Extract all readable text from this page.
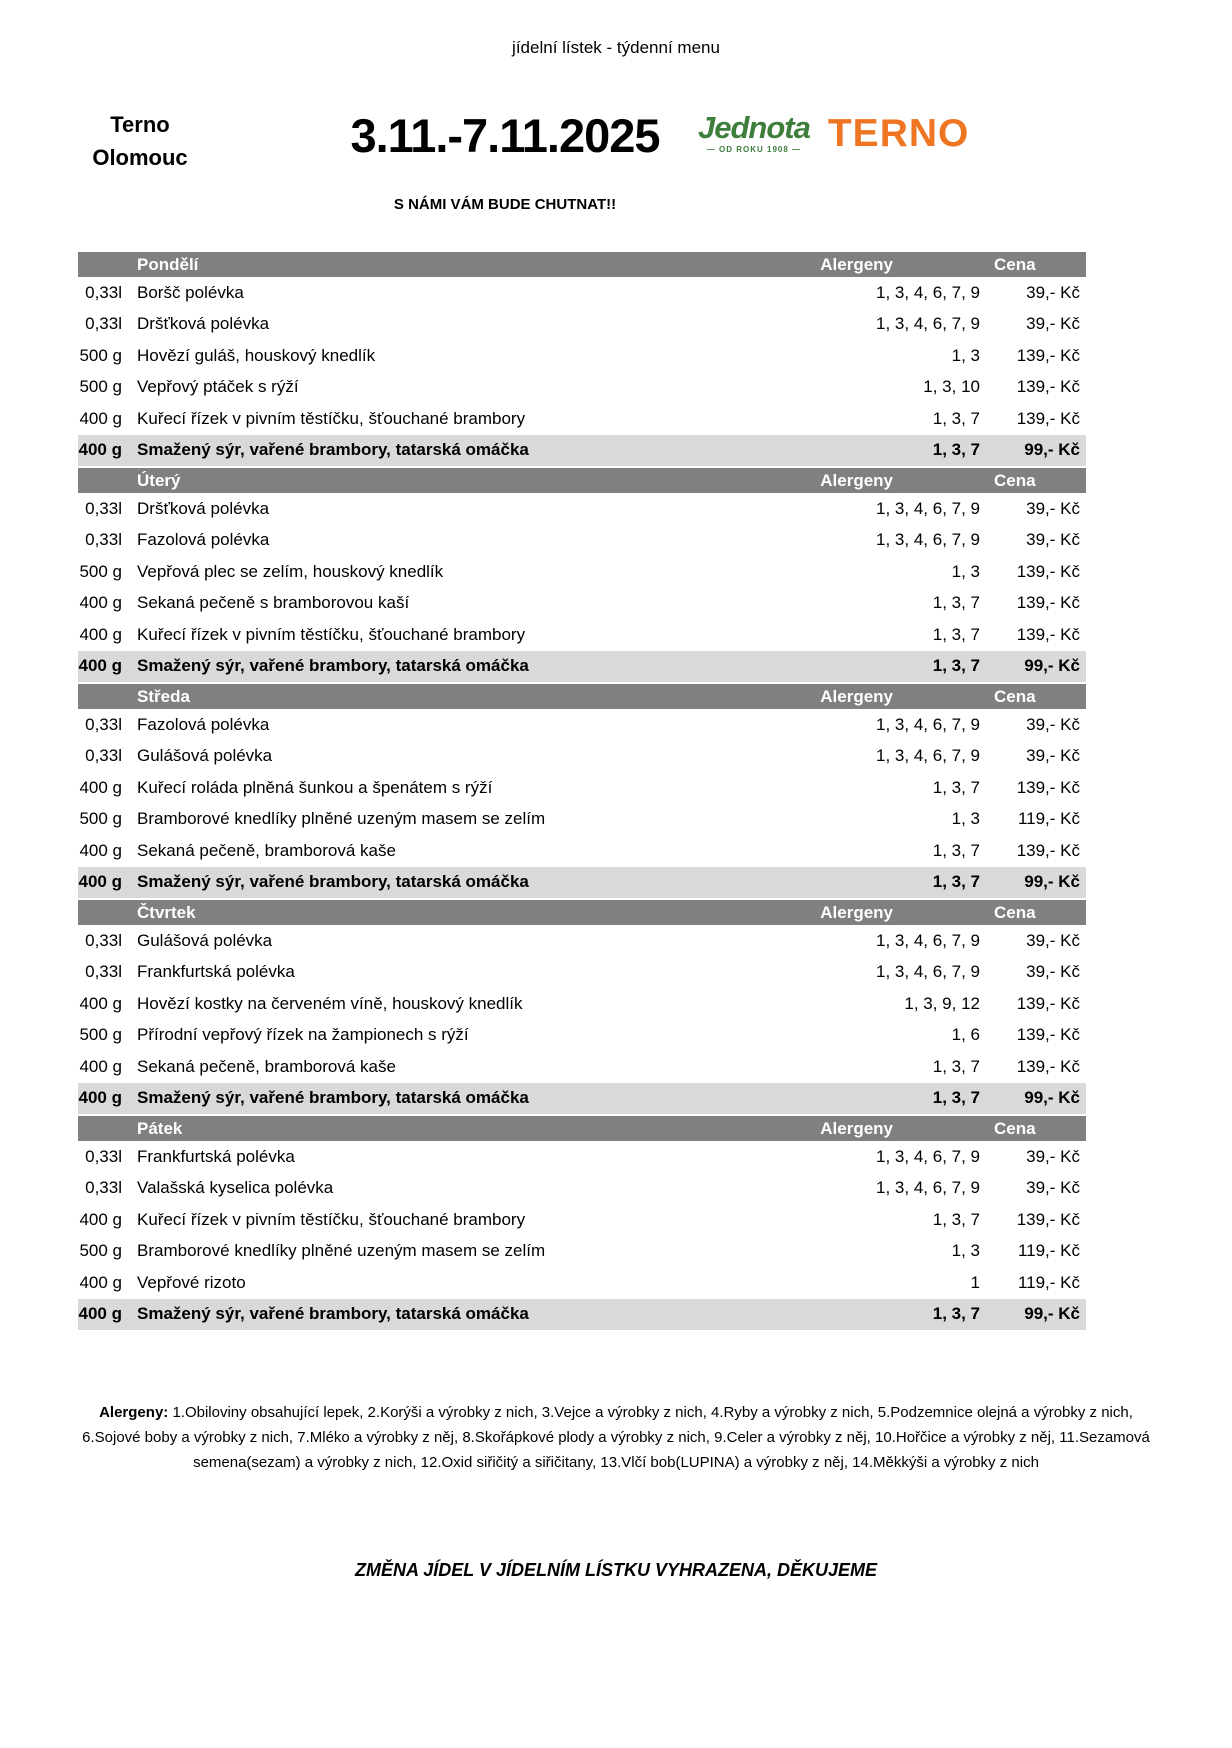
jídelní lístek - týdenní menu
Terno
Olomouc	3.11.-7.11.2025	Jednota
— OD ROKU 1908 — TERNO
S NÁMI VÁM BUDE CHUTNAT!!
Pondělí	Alergeny	Cena
0,33l Boršč polévka	1, 3, 4, 6, 7, 9	39,- Kč
0,33l Dršťková polévka	1, 3, 4, 6, 7, 9	39,- Kč
500 g Hovězí guláš, houskový knedlík	1, 3	139,- Kč
500 g Vepřový ptáček s rýží	1, 3, 10	139,- Kč
400 g Kuřecí řízek v pivním těstíčku, šťouchané brambory	1, 3, 7	139,- Kč
400 g Smažený sýr, vařené brambory, tatarská omáčka	1, 3, 7	99,- Kč
Úterý	Alergeny	Cena
0,33l Dršťková polévka	1, 3, 4, 6, 7, 9	39,- Kč
0,33l Fazolová polévka	1, 3, 4, 6, 7, 9	39,- Kč
500 g Vepřová plec se zelím, houskový knedlík	1, 3	139,- Kč
400 g Sekaná pečeně s bramborovou kaší	1, 3, 7	139,- Kč
400 g Kuřecí řízek v pivním těstíčku, šťouchané brambory	1, 3, 7	139,- Kč
400 g Smažený sýr, vařené brambory, tatarská omáčka	1, 3, 7	99,- Kč
Středa	Alergeny	Cena
0,33l Fazolová polévka	1, 3, 4, 6, 7, 9	39,- Kč
0,33l Gulášová polévka	1, 3, 4, 6, 7, 9	39,- Kč
400 g Kuřecí roláda plněná šunkou a špenátem s rýží	1, 3, 7	139,- Kč
500 g Bramborové knedlíky plněné uzeným masem se zelím	1, 3	119,- Kč
400 g Sekaná pečeně, bramborová kaše	1, 3, 7	139,- Kč
400 g Smažený sýr, vařené brambory, tatarská omáčka	1, 3, 7	99,- Kč
Čtvrtek	Alergeny	Cena
0,33l Gulášová polévka	1, 3, 4, 6, 7, 9	39,- Kč
0,33l Frankfurtská polévka	1, 3, 4, 6, 7, 9	39,- Kč
400 g Hovězí kostky na červeném víně, houskový knedlík	1, 3, 9, 12	139,- Kč
500 g Přírodní vepřový řízek na žampionech s rýží	1, 6	139,- Kč
400 g Sekaná pečeně, bramborová kaše	1, 3, 7	139,- Kč
400 g Smažený sýr, vařené brambory, tatarská omáčka	1, 3, 7	99,- Kč
Pátek	Alergeny	Cena
0,33l Frankfurtská polévka	1, 3, 4, 6, 7, 9	39,- Kč
0,33l Valašská kyselica polévka	1, 3, 4, 6, 7, 9	39,- Kč
400 g Kuřecí řízek v pivním těstíčku, šťouchané brambory	1, 3, 7	139,- Kč
500 g Bramborové knedlíky plněné uzeným masem se zelím	1, 3	119,- Kč
400 g Vepřové rizoto	1	119,- Kč
400 g Smažený sýr, vařené brambory, tatarská omáčka	1, 3, 7	99,- Kč

Alergeny: 1.Obiloviny obsahující lepek, 2.Korýši a výrobky z nich, 3.Vejce a výrobky z nich, 4.Ryby a výrobky z nich, 5.Podzemnice olejná a výrobky z nich, 6.Sojové boby a výrobky z nich, 7.Mléko a výrobky z něj, 8.Skořápkové plody a výrobky z nich, 9.Celer a výrobky z něj, 10.Hořčice a výrobky z něj, 11.Sezamová semena(sezam) a výrobky z nich, 12.Oxid siřičitý a siřičitany, 13.Vlčí bob(LUPINA) a výrobky z něj, 14.Měkkýši a výrobky z nich

ZMĚNA JÍDEL V JÍDELNÍM LÍSTKU VYHRAZENA, DĚKUJEME
